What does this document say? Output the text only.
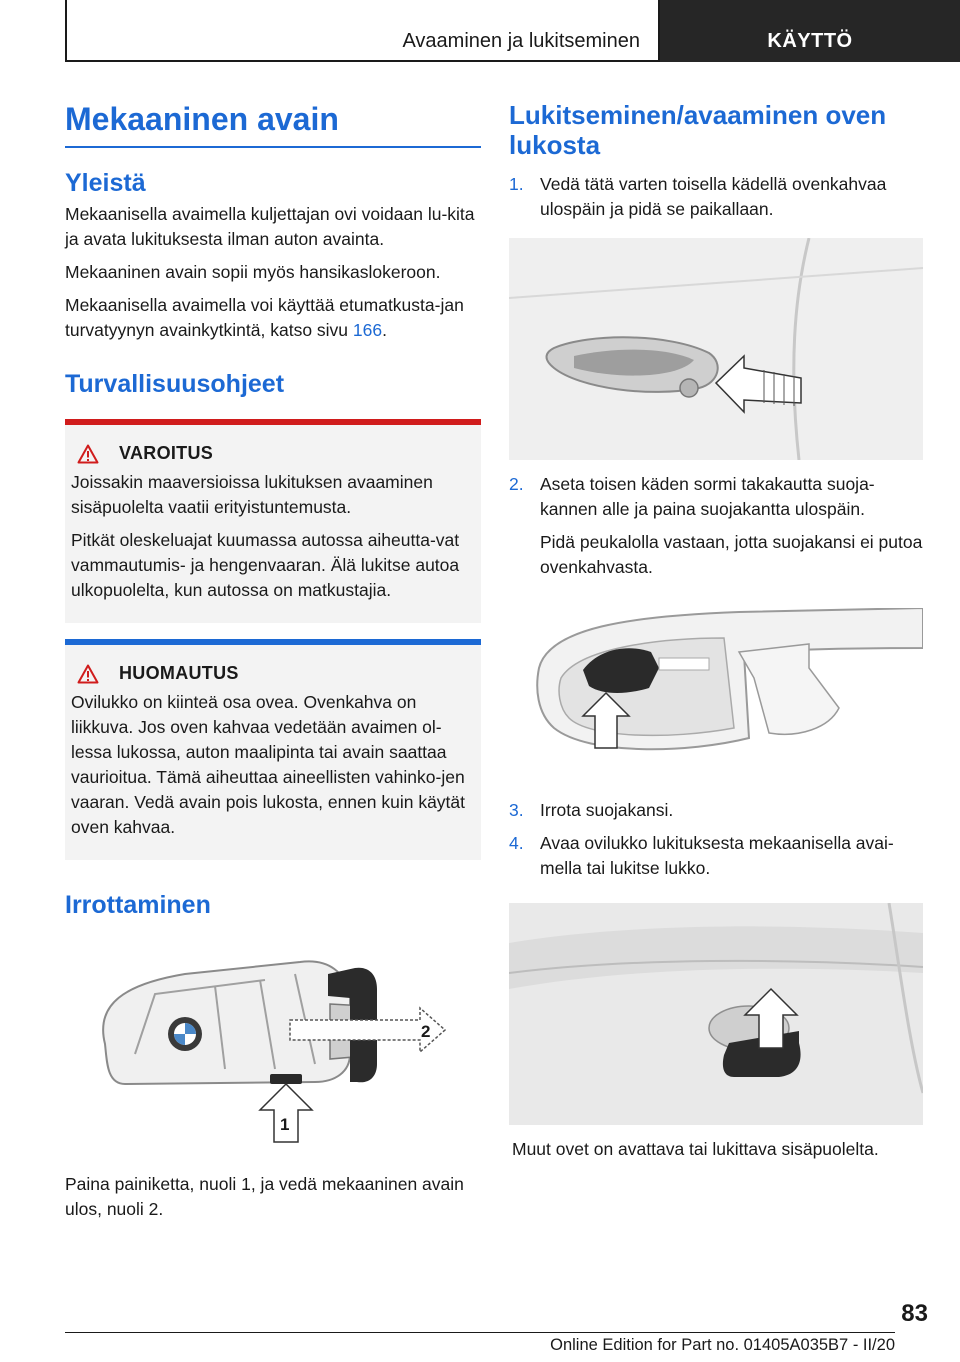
Avaaminen ja lukitseminen	KÄYTTÖ
Mekaaninen avain
Yleistä

Mekaanisella avaimella kuljettajan ovi voidaan lu-kita ja avata lukituksesta ilman auton avainta.

Mekaaninen avain sopii myös hansikaslokeroon.

Mekaanisella avaimella voi käyttää etumatkusta-jan turvatyynyn avainkytkintä, katso sivu 166.

Turvallisuusohjeet
VAROITUS

Joissakin maaversioissa lukituksen avaaminen sisäpuolelta vaatii erityistuntemusta.

Pitkät oleskeluajat kuumassa autossa aiheutta-vat vammautumis- ja hengenvaaran. Älä lukitse autoa ulkopuolelta, kun autossa on matkustajia.

HUOMAUTUS

Ovilukko on kiinteä osa ovea. Ovenkahva on liikkuva. Jos oven kahvaa vedetään avaimen ol-lessa lukossa, auton maalipinta tai avain saattaa vaurioitua. Tämä aiheuttaa aineellisten vahinko-jen vaaran. Vedä avain pois lukosta, ennen kuin käytät oven kahvaa.

Irrottaminen
2
1

Paina painiketta, nuoli 1, ja vedä mekaaninen avain ulos, nuoli 2.

Lukitseminen/avaaminen oven lukosta
1. Vedä tätä varten toisella kädellä ovenkahvaa ulospäin ja pidä se paikallaan.
2. Aseta toisen käden sormi takakautta suoja-kannen alle ja paina suojakantta ulospäin.

Pidä peukalolla vastaan, jotta suojakansi ei putoa ovenkahvasta.

3. Irrota suojakansi.
4. Avaa ovilukko lukituksesta mekaanisella avai-mella tai lukitse lukko.

Muut ovet on avattava tai lukittava sisäpuolelta.

83
Online Edition for Part no. 01405A035B7 - II/20
